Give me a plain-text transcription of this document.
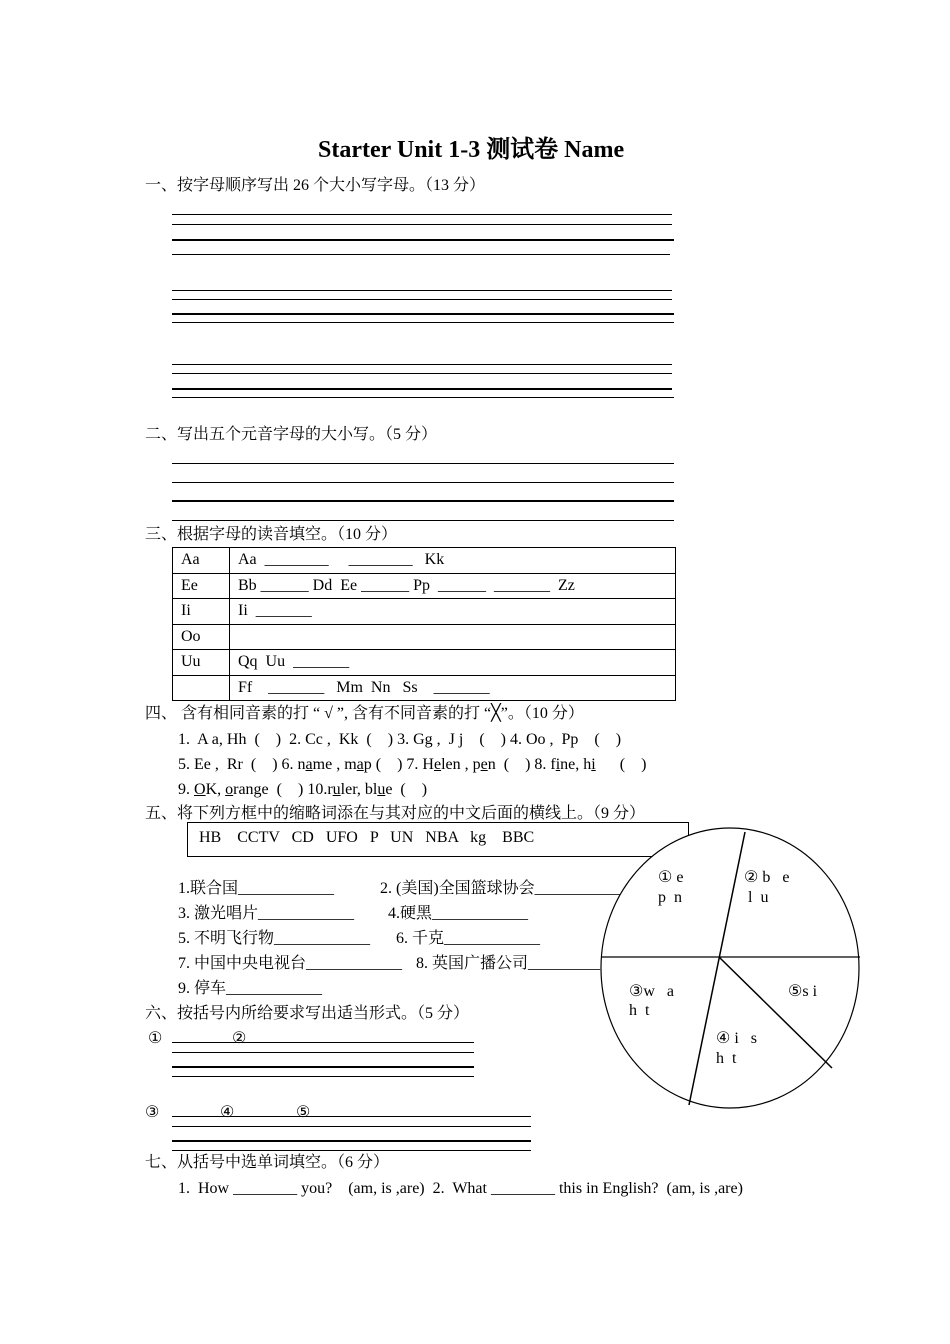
Starter Unit 1-3 测试卷 Name
一、按字母顺序写出 26 个大小写字母。（13 分）
二、写出五个元音字母的大小写。（5 分）
三、根据字母的读音填空。（10 分）
Aa	Aa  ________     ________   Kk
Ee	Bb ______ Dd  Ee ______ Pp  ______  _______  Zz
Ii	Ii  _______
Oo	
Uu	Qq  Uu  _______
	Ff    _______   Mm  Nn   Ss    _______
四、 含有相同音素的打 “ √ ”, 含有不同音素的打 “╳”。（10 分）
1.  A a, Hh  (    )  2. Cc ,  Kk  (    ) 3. Gg ,  J j    (    ) 4. Oo ,  Pp    (    )
5. Ee ,  Rr  (    ) 6. name , map (    ) 7. Helen , pen  (    ) 8. fine, hi      (    )
9. OK, orange  (    ) 10.ruler, blue  (    )
五、将下列方框中的缩略词添在与其对应的中文后面的横线上。（9 分）
HB    CCTV   CD   UFO   P   UN   NBA   kg    BBC
1.联合国____________	2. (美国)全国篮球协会___________
3. 激光唱片____________ 4.硬黑____________
5. 不明飞行物____________ 6. 千克____________
7. 中国中央电视台____________ 8. 英国广播公司_________
9. 停车____________
六、按括号内所给要求写出适当形式。（5 分）
①	②
③	④	⑤
① e
p  n
② b   e
l  u
③w   a
h  t
④ i   s
h  t
⑤s i
七、从括号中选单词填空。（6 分）
1.  How ________ you?    (am, is ,are)  2.  What ________ this in English?  (am, is ,are)
